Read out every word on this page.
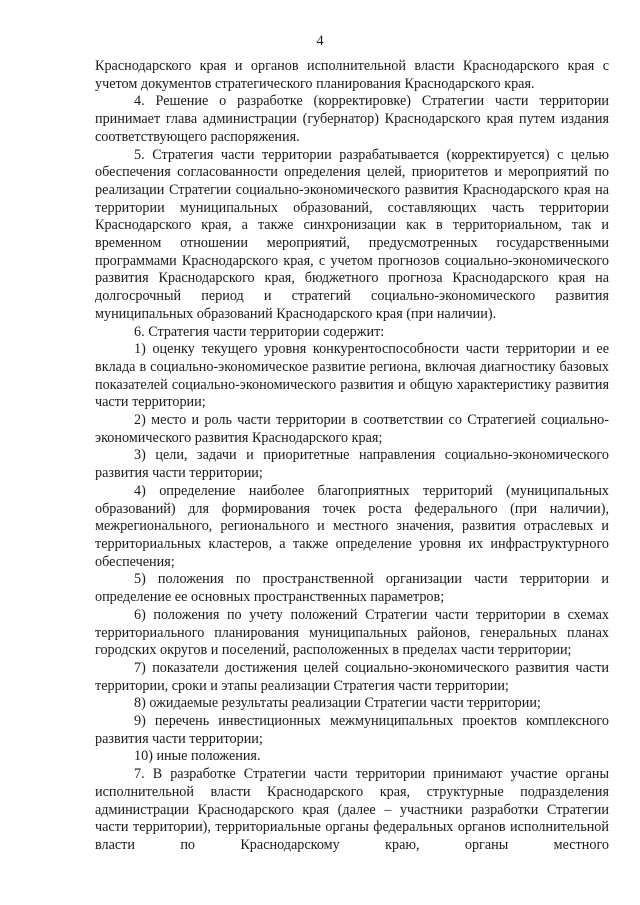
4

Краснодарского края и органов исполнительной власти Краснодарского края с учетом документов стратегического планирования Краснодарского края.

4. Решение о разработке (корректировке) Стратегии части территории принимает глава администрации (губернатор) Краснодарского края путем издания соответствующего распоряжения.

5. Стратегия части территории разрабатывается (корректируется) с целью обеспечения согласованности определения целей, приоритетов и мероприятий по реализации Стратегии социально-экономического развития Краснодарского края на территории муниципальных образований, составляющих часть территории Краснодарского края, а также синхронизации как в территориальном, так и временном отношении мероприятий, предусмотренных государственными программами Краснодарского края, с учетом прогнозов социально-экономического развития Краснодарского края, бюджетного прогноза Краснодарского края на долгосрочный период и стратегий социально-экономического развития муниципальных образований Краснодарского края (при наличии).

6. Стратегия части территории содержит:

1) оценку текущего уровня конкурентоспособности части территории и ее вклада в социально-экономическое развитие региона, включая диагностику базовых показателей социально-экономического развития и общую характеристику развития части территории;

2) место и роль части территории в соответствии со Стратегией социально-экономического развития Краснодарского края;

3) цели, задачи и приоритетные направления социально-экономического развития части территории;

4) определение наиболее благоприятных территорий (муниципальных образований) для формирования точек роста федерального (при наличии), межрегионального, регионального и местного значения, развития отраслевых и территориальных кластеров, а также определение уровня их инфраструктурного обеспечения;

5) положения по пространственной организации части территории и определение ее основных пространственных параметров;

6) положения по учету положений Стратегии части территории в схемах территориального планирования муниципальных районов, генеральных планах городских округов и поселений, расположенных в пределах части территории;

7) показатели достижения целей социально-экономического развития части территории, сроки и этапы реализации Стратегия части территории;

8) ожидаемые результаты реализации Стратегии части территории;

9) перечень инвестиционных межмуниципальных проектов комплексного развития части территории;

10) иные положения.

7. В разработке Стратегии части территории принимают участие органы исполнительной власти Краснодарского края, структурные подразделения администрации Краснодарского края (далее – участники разработки Стратегии части территории), территориальные органы федеральных органов исполнительной власти по Краснодарскому краю, органы местного
